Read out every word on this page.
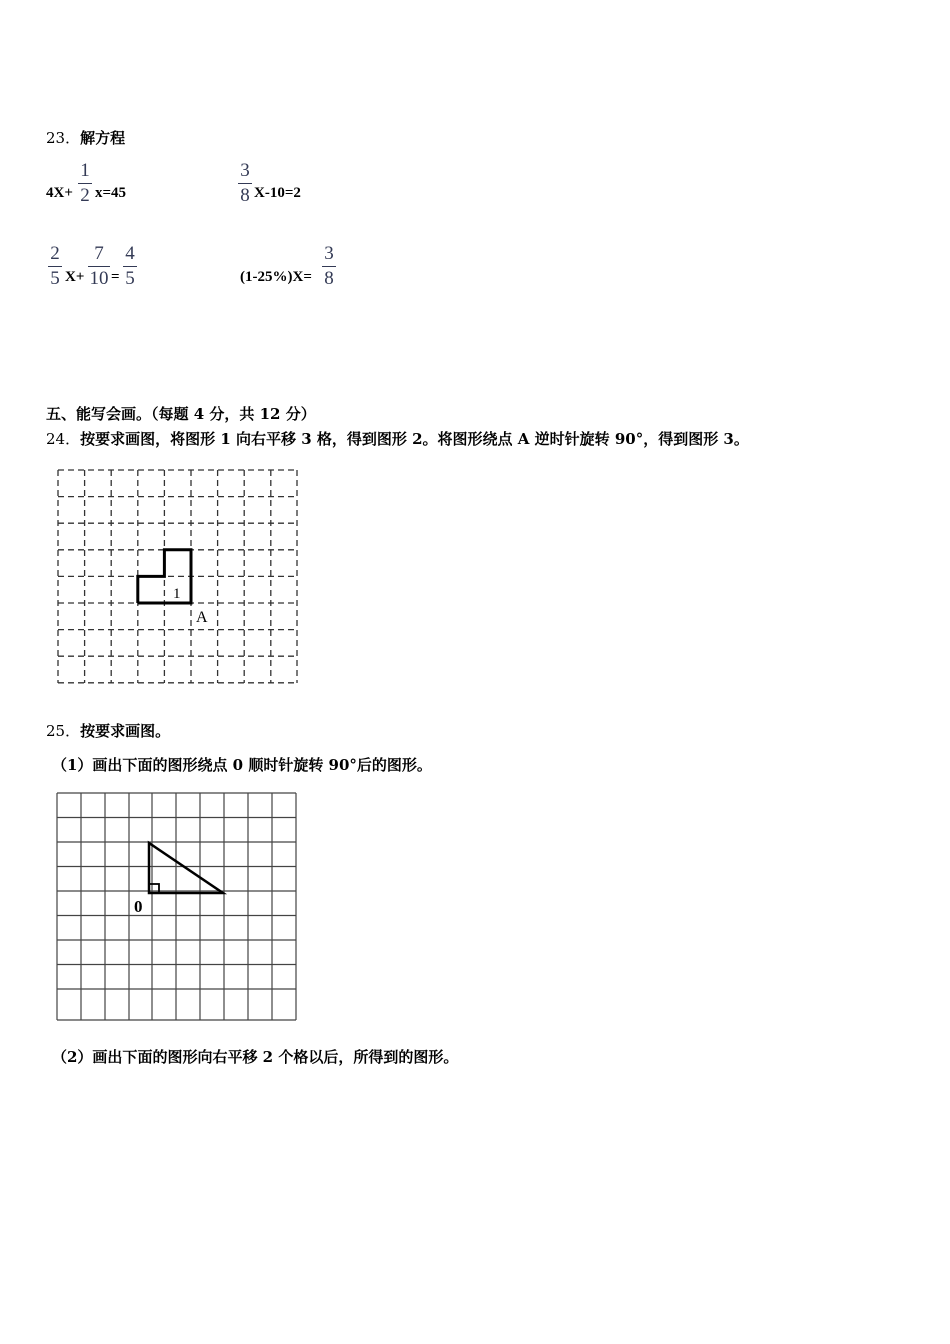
23．解方程
4X+
1
2 x=45
3
8 X-10=2
2
5 X+
7
10 =
4
5	(1-25%)X=
3
8
五、能写会画。（每题 4 分，共 12 分）
24．按要求画图，将图形 1 向右平移 3 格，得到图形 2。将图形绕点 A 逆时针旋转 90°，得到图形 3。
1
A
25．按要求画图。
（1）画出下面的图形绕点 0 顺时针旋转 90°后的图形。
0
（2）画出下面的图形向右平移 2 个格以后，所得到的图形。
